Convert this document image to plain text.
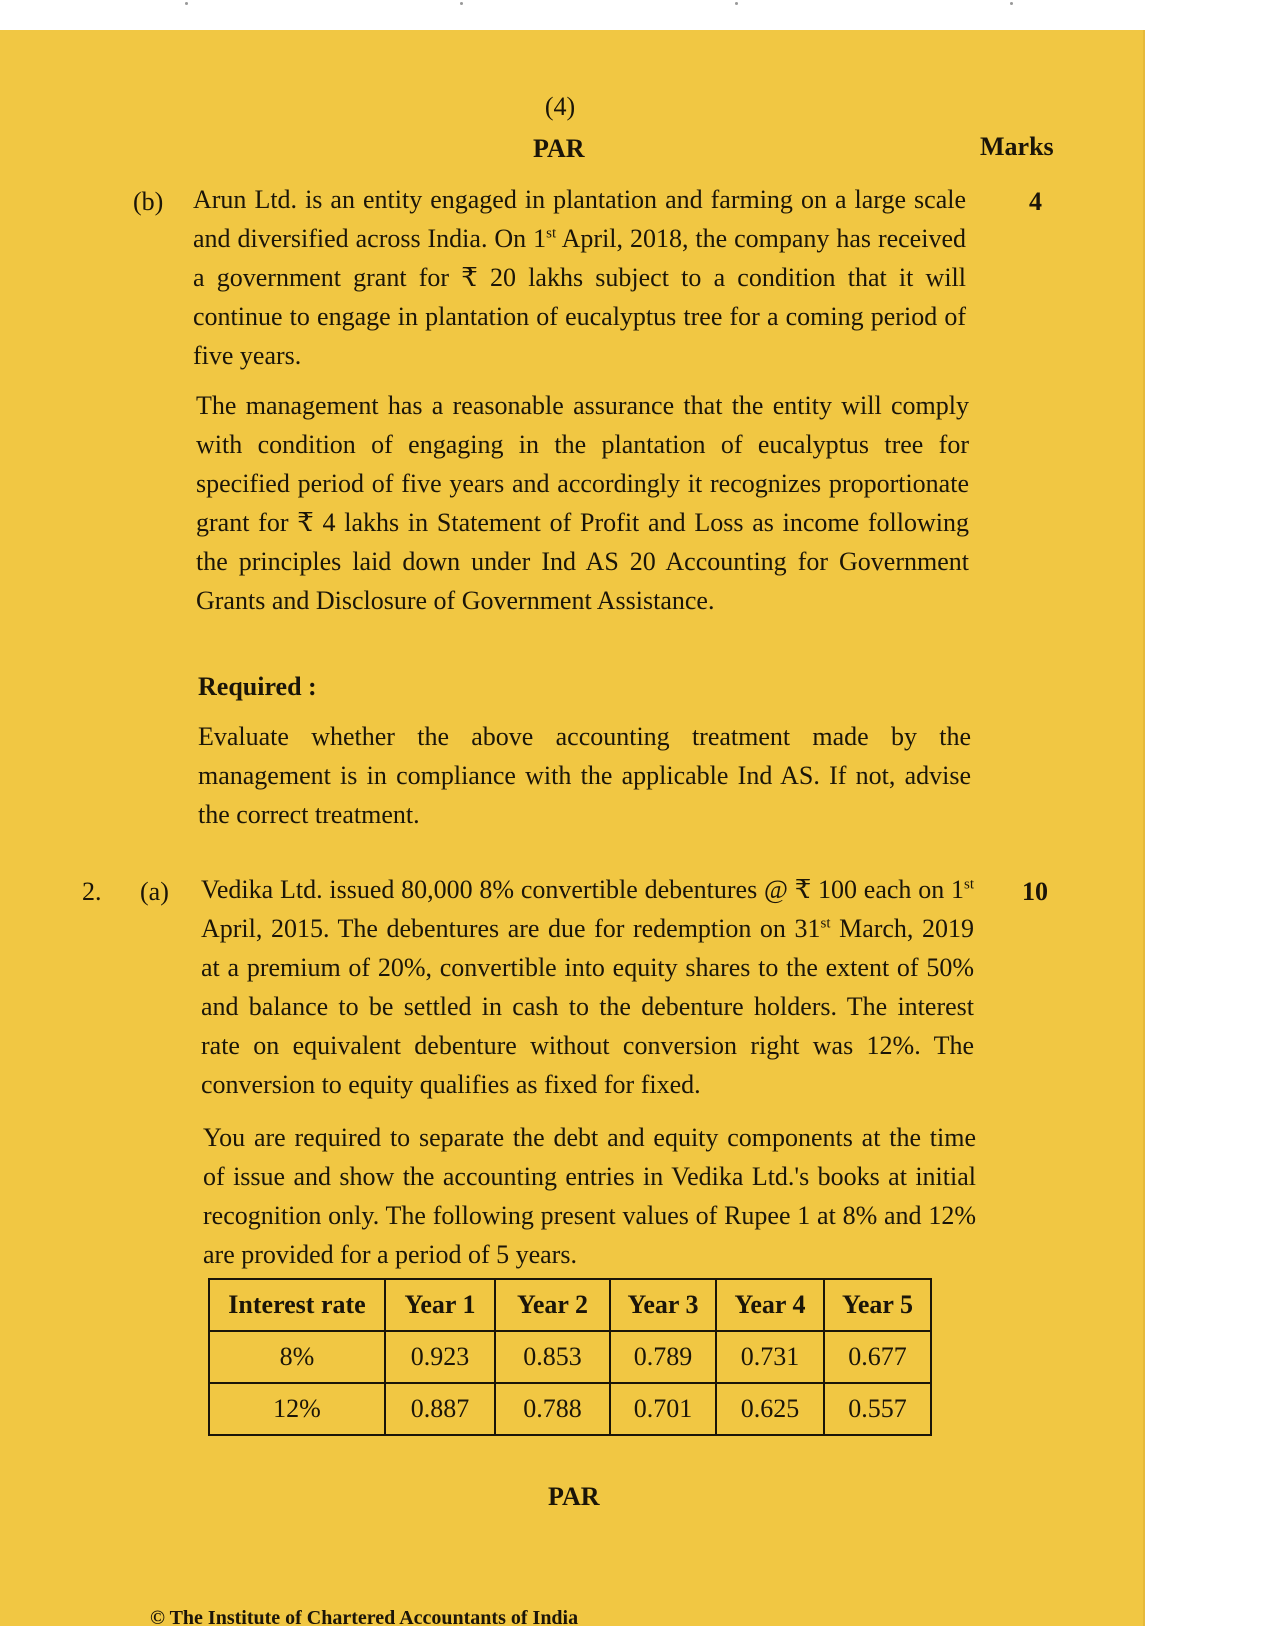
(4)
PAR	Marks
(b)	4

Arun Ltd. is an entity engaged in plantation and farming on a large scale and diversified across India. On 1st April, 2018, the company has received a government grant for ₹ 20 lakhs subject to a condition that it will continue to engage in plantation of eucalyptus tree for a coming period of five years.

The management has a reasonable assurance that the entity will comply with condition of engaging in the plantation of eucalyptus tree for specified period of five years and accordingly it recognizes proportionate grant for ₹ 4 lakhs in Statement of Profit and Loss as income following the principles laid down under Ind AS 20 Accounting for Government Grants and Disclosure of Government Assistance.

Required :

Evaluate whether the above accounting treatment made by the management is in compliance with the applicable Ind AS. If not, advise the correct treatment.

2. (a)	10

Vedika Ltd. issued 80,000 8% convertible debentures @ ₹ 100 each on 1st April, 2015. The debentures are due for redemption on 31st March, 2019 at a premium of 20%, convertible into equity shares to the extent of 50% and balance to be settled in cash to the debenture holders. The interest rate on equivalent debenture without conversion right was 12%. The conversion to equity qualifies as fixed for fixed.

You are required to separate the debt and equity components at the time of issue and show the accounting entries in Vedika Ltd.'s books at initial recognition only. The following present values of Rupee 1 at 8% and 12% are provided for a period of 5 years.

Interest rate	Year 1	Year 2	Year 3	Year 4	Year 5
8%	0.923	0.853	0.789	0.731	0.677
12%	0.887	0.788	0.701	0.625	0.557
PAR
© The Institute of Chartered Accountants of India
